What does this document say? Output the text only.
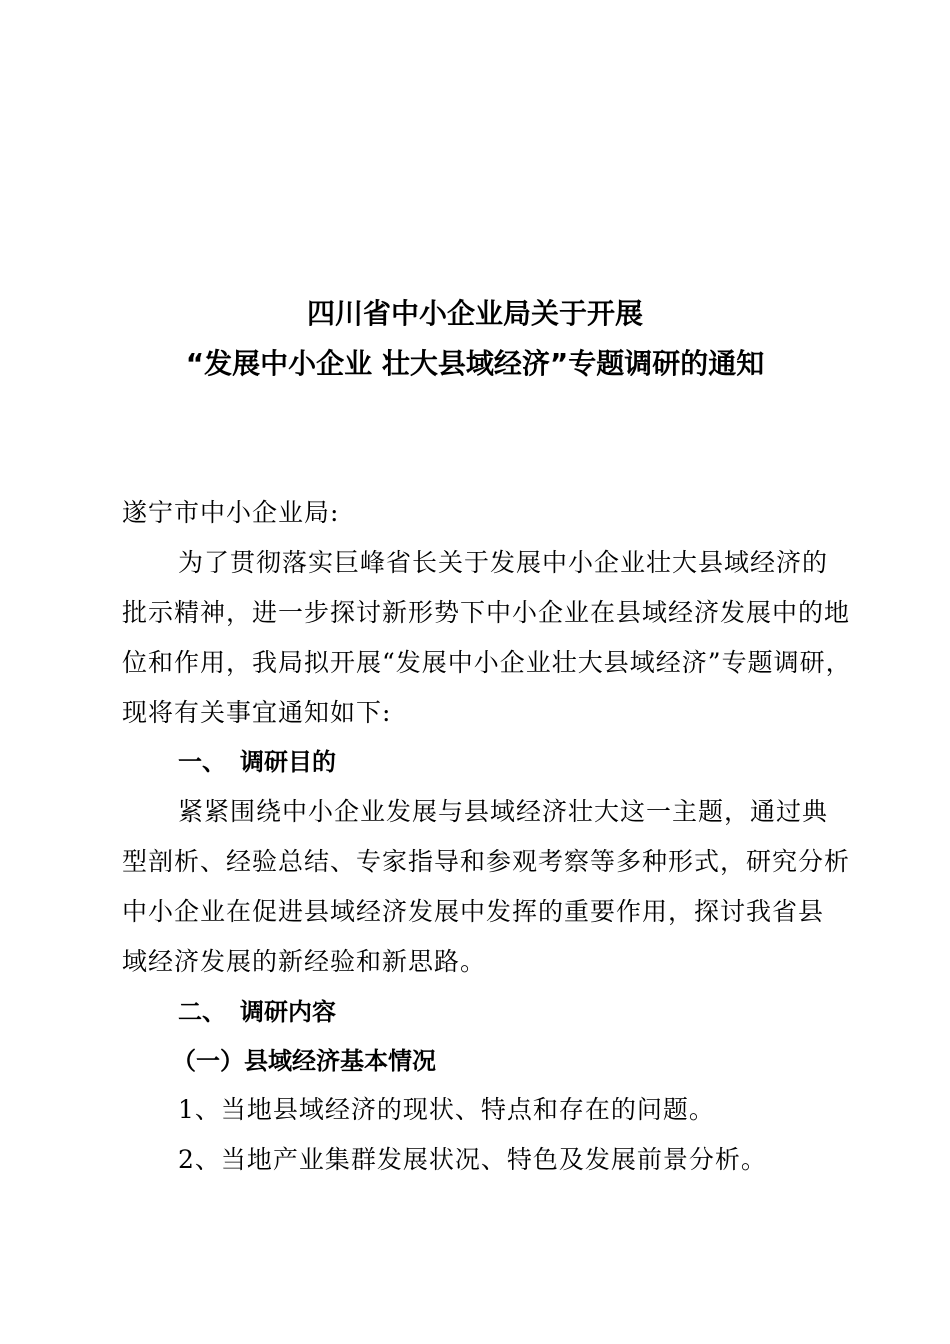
四川省中小企业局关于开展
“发展中小企业 壮大县域经济”专题调研的通知
遂宁市中小企业局:
为了贯彻落实巨峰省长关于发展中小企业壮大县域经济的
批示精神，进一步探讨新形势下中小企业在县域经济发展中的地
位和作用，我局拟开展“发展中小企业壮大县域经济”专题调研，
现将有关事宜通知如下:
一、 调研目的
紧紧围绕中小企业发展与县域经济壮大这一主题，通过典
型剖析、经验总结、专家指导和参观考察等多种形式，研究分析
中小企业在促进县域经济发展中发挥的重要作用，探讨我省县
域经济发展的新经验和新思路。
二、 调研内容
（一）县域经济基本情况
1、当地县域经济的现状、特点和存在的问题。
2、当地产业集群发展状况、特色及发展前景分析。
